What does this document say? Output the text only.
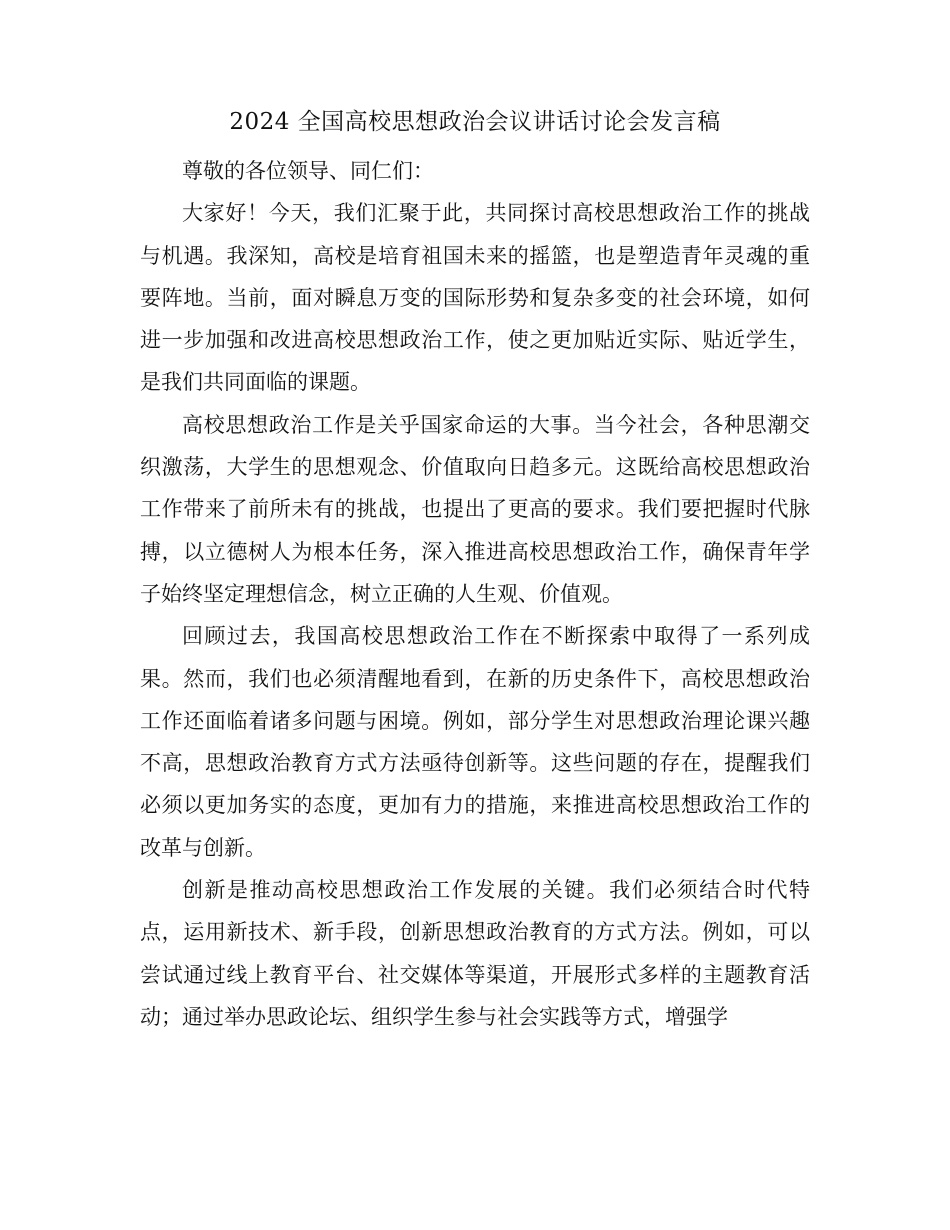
2024 全国高校思想政治会议讲话讨论会发言稿

尊敬的各位领导、同仁们：

大家好！今天，我们汇聚于此，共同探讨高校思想政治工作的挑战与机遇。我深知，高校是培育祖国未来的摇篮，也是塑造青年灵魂的重要阵地。当前，面对瞬息万变的国际形势和复杂多变的社会环境，如何进一步加强和改进高校思想政治工作，使之更加贴近实际、贴近学生，是我们共同面临的课题。

高校思想政治工作是关乎国家命运的大事。当今社会，各种思潮交织激荡，大学生的思想观念、价值取向日趋多元。这既给高校思想政治工作带来了前所未有的挑战，也提出了更高的要求。我们要把握时代脉搏，以立德树人为根本任务，深入推进高校思想政治工作，确保青年学子始终坚定理想信念，树立正确的人生观、价值观。

回顾过去，我国高校思想政治工作在不断探索中取得了一系列成果。然而，我们也必须清醒地看到，在新的历史条件下，高校思想政治工作还面临着诸多问题与困境。例如，部分学生对思想政治理论课兴趣不高，思想政治教育方式方法亟待创新等。这些问题的存在，提醒我们必须以更加务实的态度，更加有力的措施，来推进高校思想政治工作的改革与创新。

创新是推动高校思想政治工作发展的关键。我们必须结合时代特点，运用新技术、新手段，创新思想政治教育的方式方法。例如，可以尝试通过线上教育平台、社交媒体等渠道，开展形式多样的主题教育活动；通过举办思政论坛、组织学生参与社会实践等方式，增强学
